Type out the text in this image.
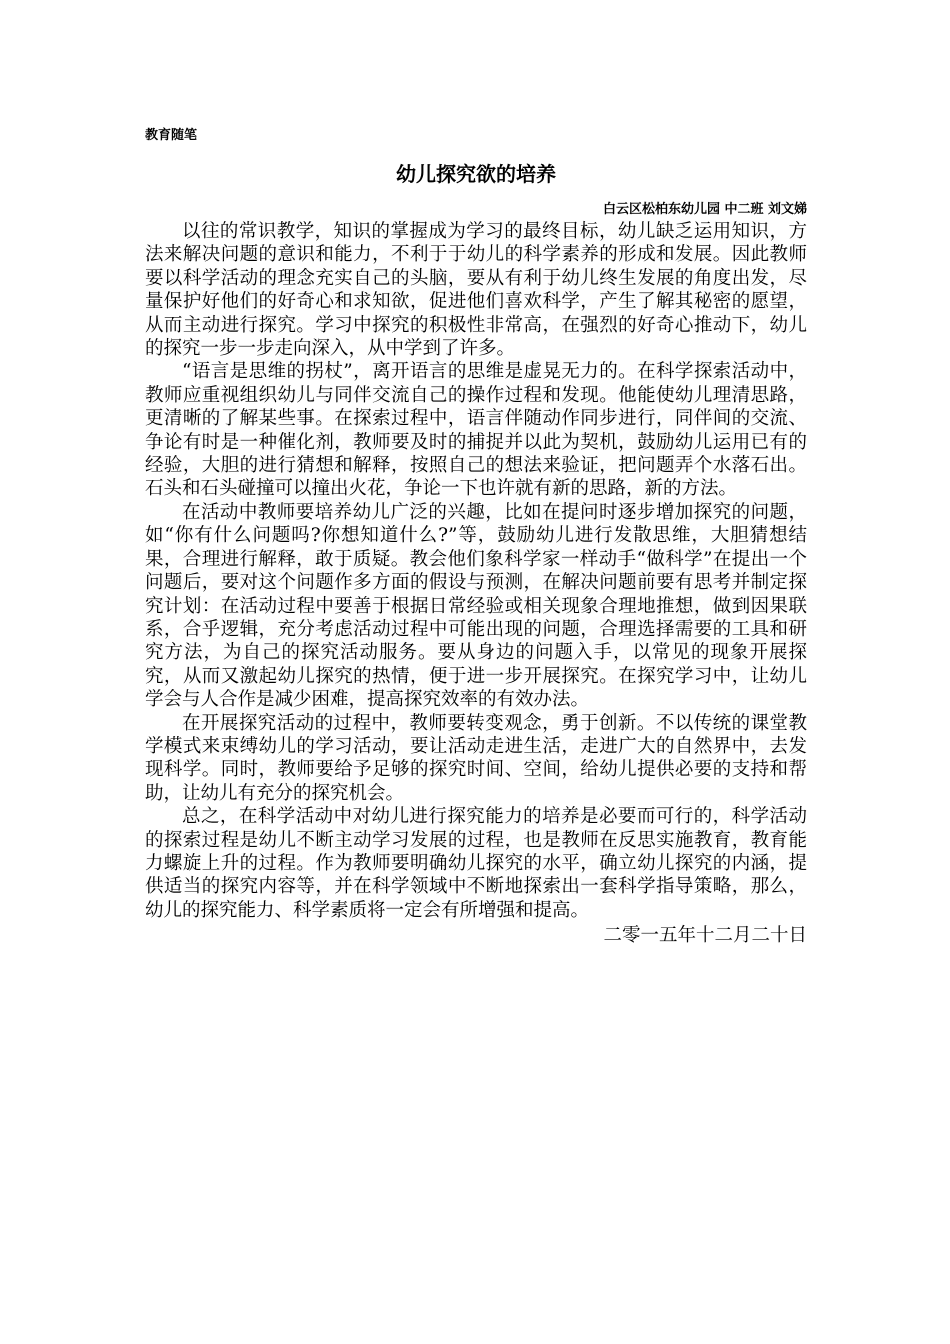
教育随笔
幼儿探究欲的培养
白云区松柏东幼儿园 中二班 刘文娣

以往的常识教学，知识的掌握成为学习的最终目标，幼儿缺乏运用知识，方法来解决问题的意识和能力，不利于于幼儿的科学素养的形成和发展。因此教师要以科学活动的理念充实自己的头脑，要从有利于幼儿终生发展的角度出发，尽量保护好他们的好奇心和求知欲，促进他们喜欢科学，产生了解其秘密的愿望，从而主动进行探究。学习中探究的积极性非常高，在强烈的好奇心推动下，幼儿的探究一步一步走向深入，从中学到了许多。

“语言是思维的拐杖”，离开语言的思维是虚晃无力的。在科学探索活动中，教师应重视组织幼儿与同伴交流自己的操作过程和发现。他能使幼儿理清思路，更清晰的了解某些事。在探索过程中，语言伴随动作同步进行，同伴间的交流、争论有时是一种催化剂，教师要及时的捕捉并以此为契机，鼓励幼儿运用已有的经验，大胆的进行猜想和解释，按照自己的想法来验证，把问题弄个水落石出。石头和石头碰撞可以撞出火花，争论一下也许就有新的思路，新的方法。

在活动中教师要培养幼儿广泛的兴趣，比如在提问时逐步增加探究的问题，如“你有什么问题吗?你想知道什么?”等，鼓励幼儿进行发散思维，大胆猜想结果，合理进行解释，敢于质疑。教会他们象科学家一样动手“做科学”在提出一个问题后，要对这个问题作多方面的假设与预测，在解决问题前要有思考并制定探究计划：在活动过程中要善于根据日常经验或相关现象合理地推想，做到因果联系，合乎逻辑，充分考虑活动过程中可能出现的问题，合理选择需要的工具和研究方法，为自己的探究活动服务。要从身边的问题入手，以常见的现象开展探究，从而又激起幼儿探究的热情，便于进一步开展探究。在探究学习中，让幼儿学会与人合作是减少困难，提高探究效率的有效办法。

在开展探究活动的过程中，教师要转变观念，勇于创新。不以传统的课堂教学模式来束缚幼儿的学习活动，要让活动走进生活，走进广大的自然界中，去发现科学。同时，教师要给予足够的探究时间、空间，给幼儿提供必要的支持和帮助，让幼儿有充分的探究机会。

总之，在科学活动中对幼儿进行探究能力的培养是必要而可行的，科学活动的探索过程是幼儿不断主动学习发展的过程，也是教师在反思实施教育，教育能力螺旋上升的过程。作为教师要明确幼儿探究的水平，确立幼儿探究的内涵，提供适当的探究内容等，并在科学领域中不断地探索出一套科学指导策略，那么，幼儿的探究能力、科学素质将一定会有所增强和提高。

二零一五年十二月二十日
